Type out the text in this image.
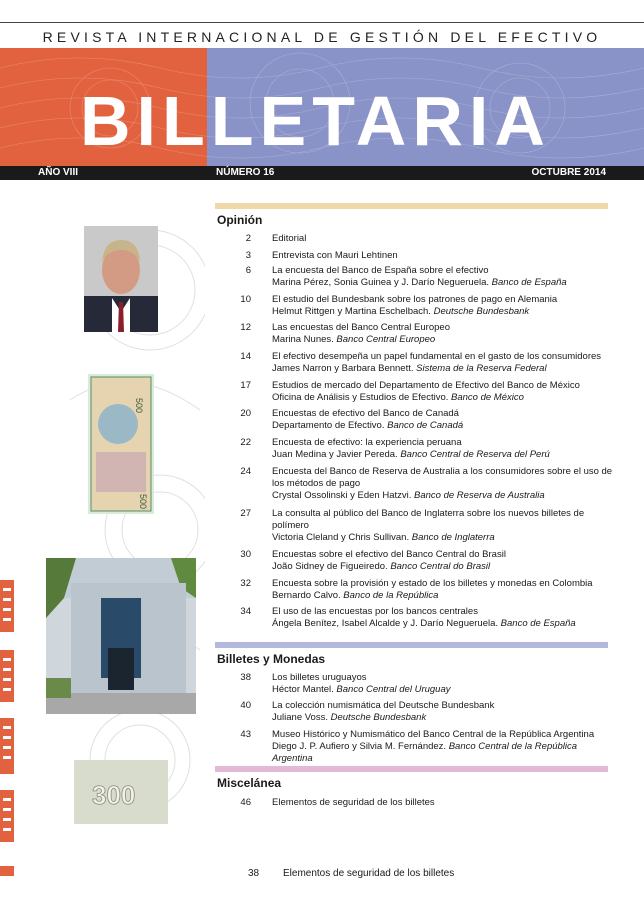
REVISTA INTERNACIONAL DE GESTIÓN DEL EFECTIVO
BILLETARIA
AÑO VIII	NÚMERO 16	OCTUBRE 2014
500
500
300
Opinión
2 Editorial
3 Entrevista con Mauri Lehtinen
6 La encuesta del Banco de España sobre el efectivo
Marina Pérez, Sonia Guinea y J. Darío Negueruela. Banco de España
10 El estudio del Bundesbank sobre los patrones de pago en Alemania
Helmut Rittgen y Martina Eschelbach. Deutsche Bundesbank
12 Las encuestas del Banco Central Europeo
Marina Nunes. Banco Central Europeo
14 El efectivo desempeña un papel fundamental en el gasto de los consumidores
James Narron y Barbara Bennett. Sistema de la Reserva Federal
17 Estudios de mercado del Departamento de Efectivo del Banco de México
Oficina de Análisis y Estudios de Efectivo. Banco de México
20 Encuestas de efectivo del Banco de Canadá
Departamento de Efectivo. Banco de Canadá
22 Encuesta de efectivo: la experiencia peruana
Juan Medina y Javier Pereda. Banco Central de Reserva del Perú
24 Encuesta del Banco de Reserva de Australia a los consumidores sobre el uso de los métodos de pago
Crystal Ossolinski y Eden Hatzvi. Banco de Reserva de Australia
27 La consulta al público del Banco de Inglaterra sobre los nuevos billetes de polímero
Victoria Cleland y Chris Sullivan. Banco de Inglaterra
30 Encuestas sobre el efectivo del Banco Central do Brasil
João Sidney de Figueiredo. Banco Central do Brasil
32 Encuesta sobre la provisión y estado de los billetes y monedas en Colombia
Bernardo Calvo. Banco de la República
34 El uso de las encuestas por los bancos centrales
Ángela Benítez, Isabel Alcalde y J. Darío Negueruela. Banco de España
Billetes y Monedas
38 Los billetes uruguayos
Héctor Mantel. Banco Central del Uruguay
40 La colección numismática del Deutsche Bundesbank
Juliane Voss. Deutsche Bundesbank
43 Museo Histórico y Numismático del Banco Central de la República Argentina
Diego J. P. Aufiero y Silvia M. Fernández. Banco Central de la República Argentina
Miscelánea
46 Elementos de seguridad de los billetes
38 Elementos de seguridad de los billetes
